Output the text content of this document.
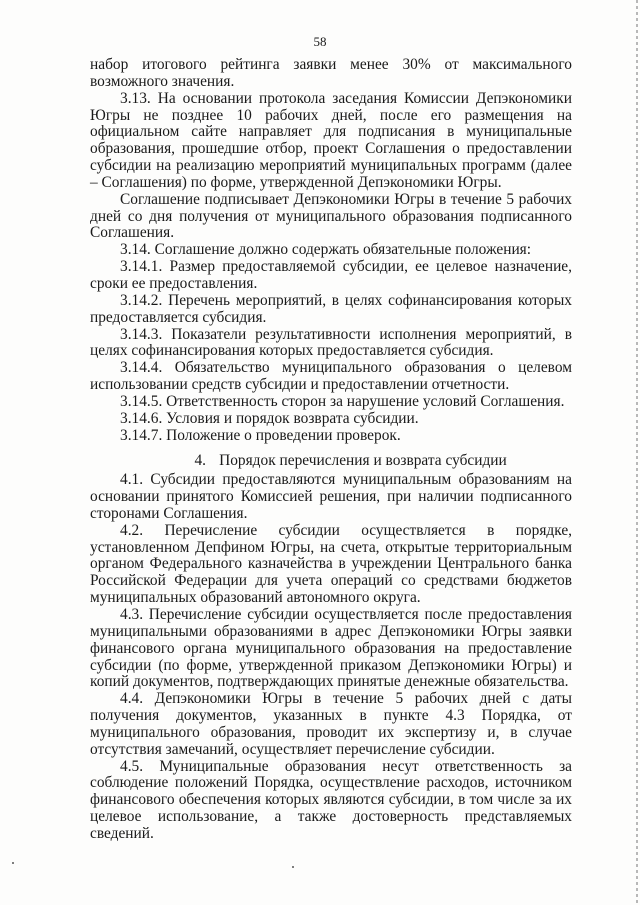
58

набор итогового рейтинга заявки менее 30% от максимального возможного значения.

3.13. На основании протокола заседания Комиссии Депэкономики Югры не позднее 10 рабочих дней, после его размещения на официальном сайте направляет для подписания в муниципальные образования, прошедшие отбор, проект Соглашения о предоставлении субсидии на реализацию мероприятий муниципальных программ (далее – Соглашения) по форме, утвержденной Депэкономики Югры.

Соглашение подписывает Депэкономики Югры в течение 5 рабочих дней со дня получения от муниципального образования подписанного Соглашения.

3.14. Соглашение должно содержать обязательные положения:

3.14.1. Размер предоставляемой субсидии, ее целевое назначение, сроки ее предоставления.

3.14.2. Перечень мероприятий, в целях софинансирования которых предоставляется субсидия.

3.14.3. Показатели результативности исполнения мероприятий, в целях софинансирования которых предоставляется субсидия.

3.14.4. Обязательство муниципального образования о целевом использовании средств субсидии и предоставлении отчетности.

3.14.5. Ответственность сторон за нарушение условий Соглашения.

3.14.6. Условия и порядок возврата субсидии.

3.14.7. Положение о проведении проверок.

4. Порядок перечисления и возврата субсидии

4.1. Субсидии предоставляются муниципальным образованиям на основании принятого Комиссией решения, при наличии подписанного сторонами Соглашения.

4.2. Перечисление субсидии осуществляется в порядке, установленном Депфином Югры, на счета, открытые территориальным органом Федерального казначейства в учреждении Центрального банка Российской Федерации для учета операций со средствами бюджетов муниципальных образований автономного округа.

4.3. Перечисление субсидии осуществляется после предоставления муниципальными образованиями в адрес Депэкономики Югры заявки финансового органа муниципального образования на предоставление субсидии (по форме, утвержденной приказом Депэкономики Югры) и копий документов, подтверждающих принятые денежные обязательства.

4.4. Депэкономики Югры в течение 5 рабочих дней с даты получения документов, указанных в пункте 4.3 Порядка, от муниципального образования, проводит их экспертизу и, в случае отсутствия замечаний, осуществляет перечисление субсидии.

4.5. Муниципальные образования несут ответственность за соблюдение положений Порядка, осуществление расходов, источником финансового обеспечения которых являются субсидии, в том числе за их целевое использование, а также достоверность представляемых сведений.
